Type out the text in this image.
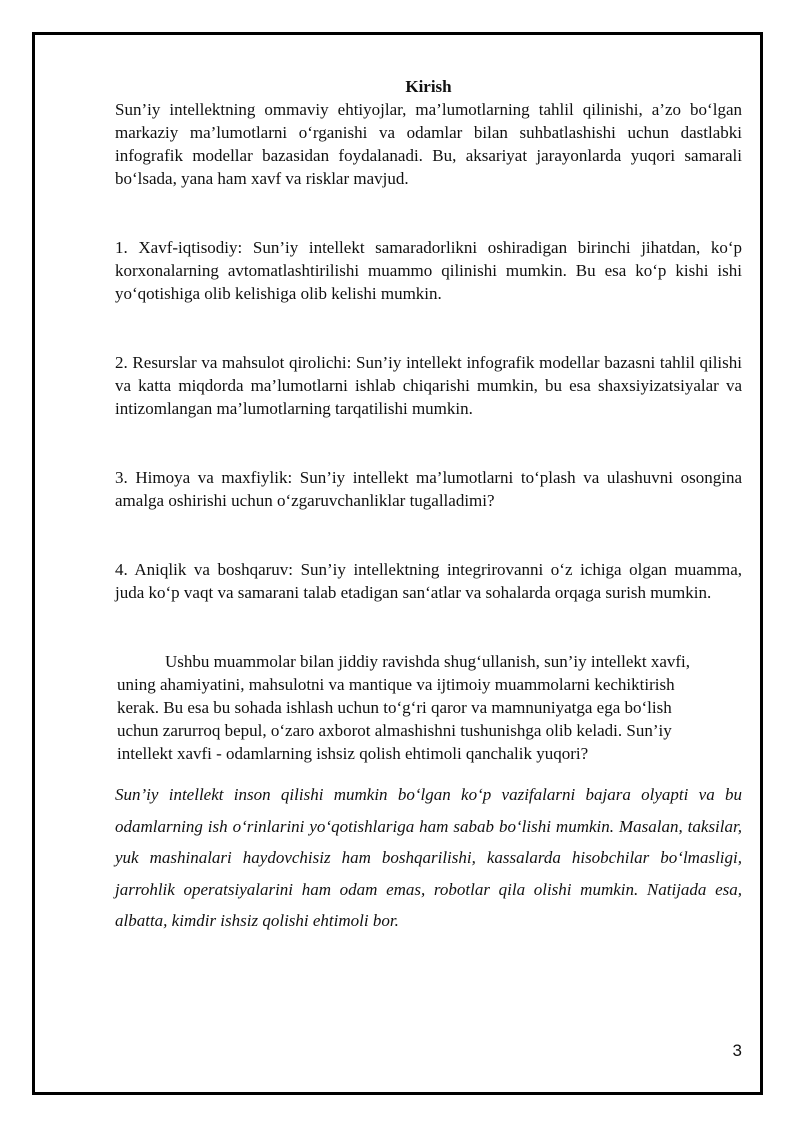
Kirish

Sun’iy intellektning ommaviy ehtiyojlar, ma’lumotlarning tahlil qilinishi, a’zo bo‘lgan markaziy ma’lumotlarni o‘rganishi va odamlar bilan suhbatlashishi uchun dastlabki infografik modellar bazasidan foydalanadi. Bu, aksariyat jarayonlarda yuqori samarali bo‘lsada, yana ham xavf va risklar mavjud.

1. Xavf-iqtisodiy: Sun’iy intellekt samaradorlikni oshiradigan birinchi jihatdan, ko‘p korxonalarning avtomatlashtirilishi muammo qilinishi mumkin. Bu esa ko‘p kishi ishi yo‘qotishiga olib kelishiga olib kelishi mumkin.

2. Resurslar va mahsulot qirolichi: Sun’iy intellekt infografik modellar bazasni tahlil qilishi va katta miqdorda ma’lumotlarni ishlab chiqarishi mumkin, bu esa shaxsiyizatsiyalar va intizomlangan ma’lumotlarning tarqatilishi mumkin.

3. Himoya va maxfiylik: Sun’iy intellekt ma’lumotlarni to‘plash va ulashuvni osongina amalga oshirishi uchun o‘zgaruvchanliklar tugalladimi?

4. Aniqlik va boshqaruv: Sun’iy intellektning integrirovanni o‘z ichiga olgan muamma, juda ko‘p vaqt va samarani talab etadigan san‘atlar va sohalarda orqaga surish mumkin.

Ushbu muammolar bilan jiddiy ravishda shug‘ullanish, sun’iy intellekt xavfi, uning ahamiyatini, mahsulotni va mantique va ijtimoiy muammolarni kechiktirish kerak. Bu esa bu sohada ishlash uchun to‘g‘ri qaror va mamnuniyatga ega bo‘lish uchun zarurroq bepul, o‘zaro axborot almashishni tushunishga olib keladi. Sun’iy intellekt xavfi - odamlarning ishsiz qolish ehtimoli qanchalik yuqori?

Sun’iy intellekt inson qilishi mumkin bo‘lgan ko‘p vazifalarni bajara olyapti va bu odamlarning ish o‘rinlarini yo‘qotishlariga ham sabab bo‘lishi mumkin. Masalan, taksilar, yuk mashinalari haydovchisiz ham boshqarilishi, kassalarda hisobchilar bo‘lmasligi, jarrohlik operatsiyalarini ham odam emas, robotlar qila olishi mumkin. Natijada esa, albatta, kimdir ishsiz qolishi ehtimoli bor.

3
